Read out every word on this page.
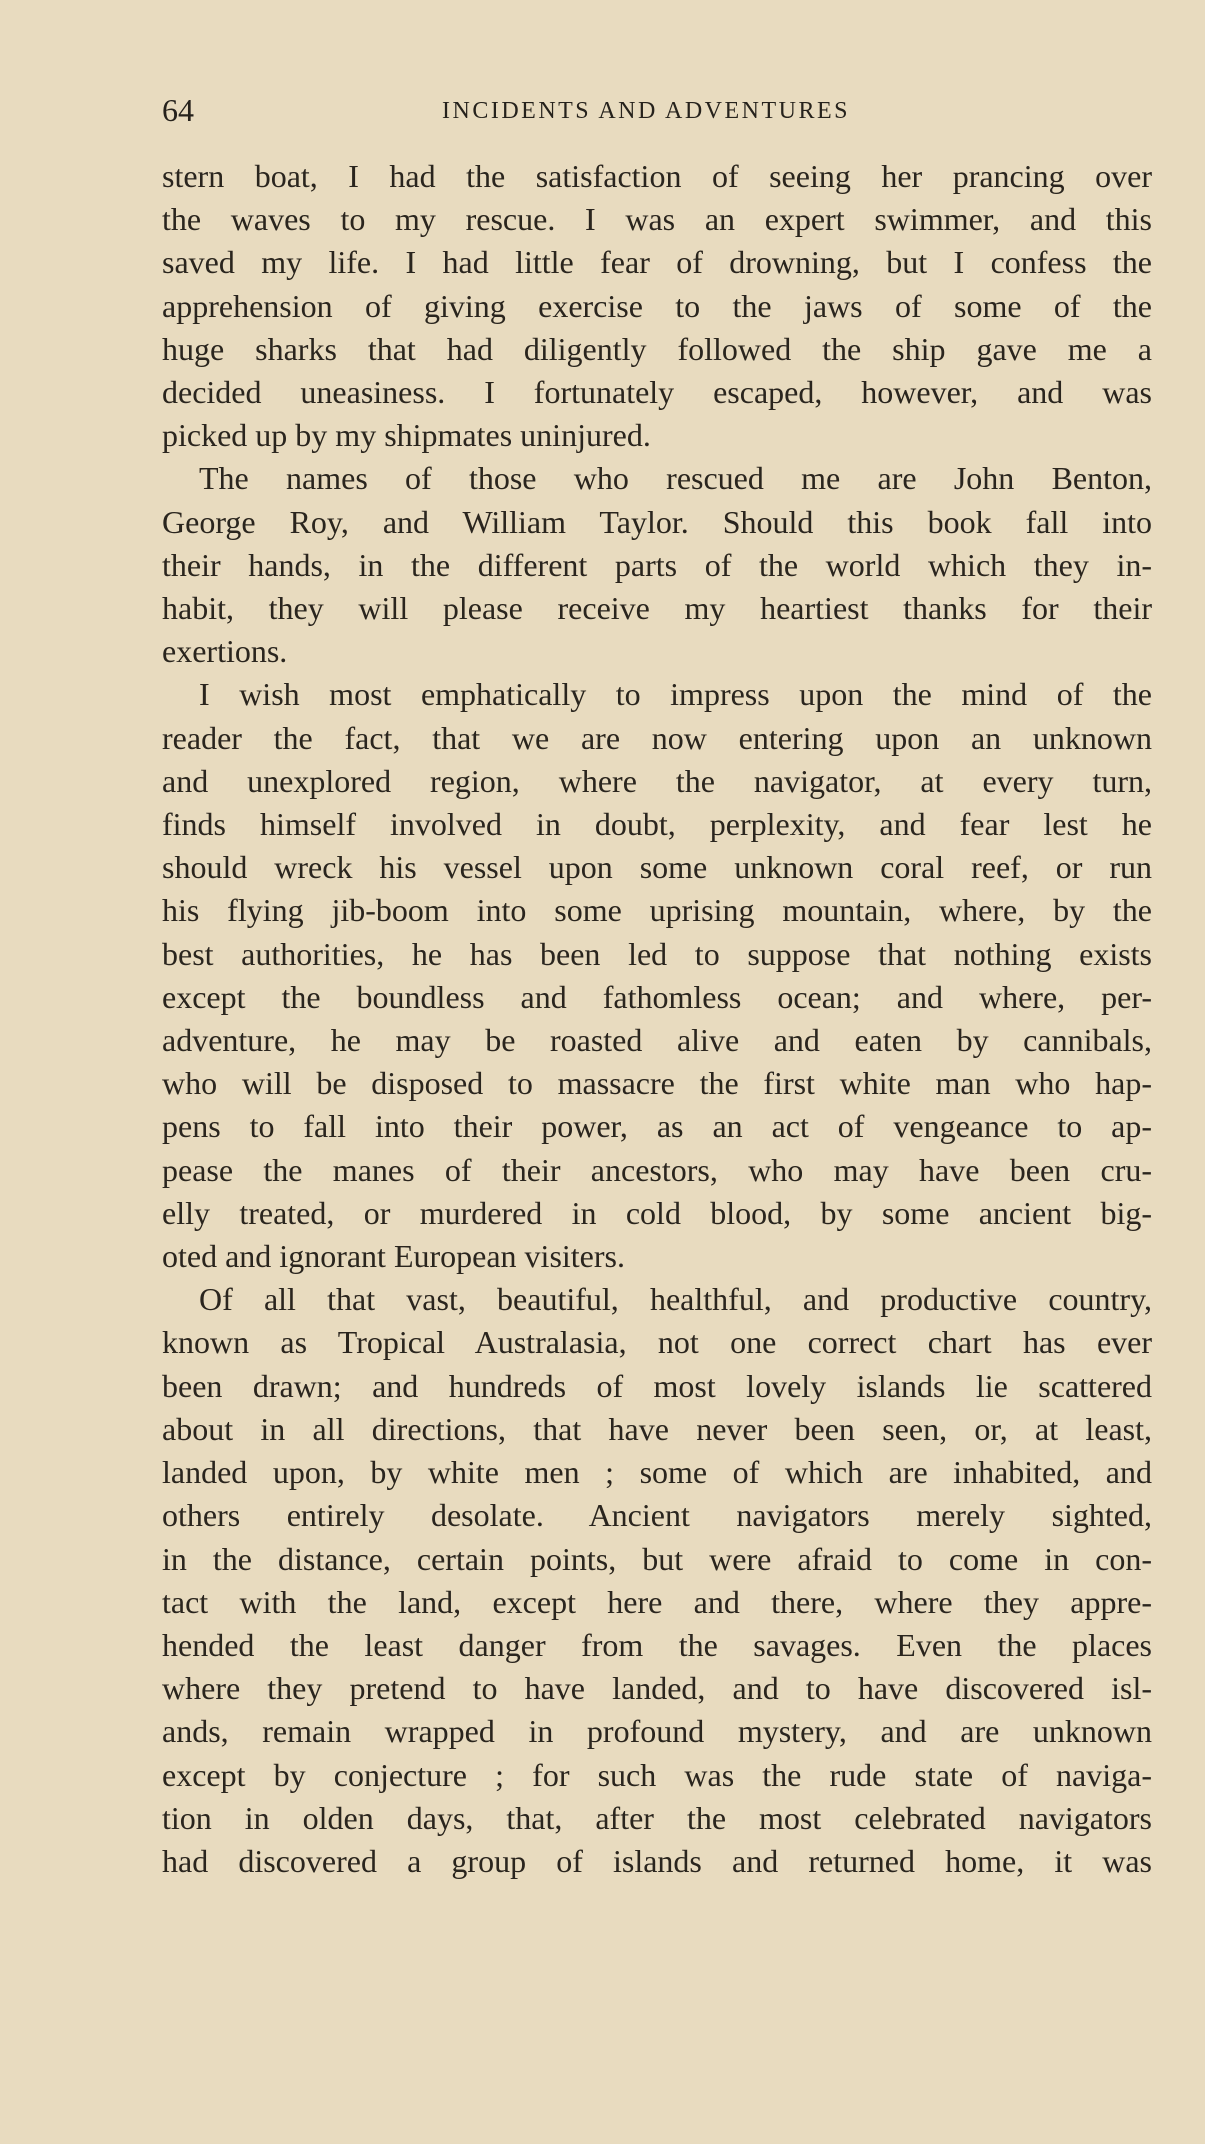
64	INCIDENTS AND ADVENTURES
stern boat, I had the satisfaction of seeing her prancing over
the waves to my rescue. I was an expert swimmer, and this
saved my life. I had little fear of drowning, but I confess the
apprehension of giving exercise to the jaws of some of the
huge sharks that had diligently followed the ship gave me a
decided uneasiness. I fortunately escaped, however, and was
picked up by my shipmates uninjured.
The names of those who rescued me are John Benton,
George Roy, and William Taylor. Should this book fall into
their hands, in the different parts of the world which they in-
habit, they will please receive my heartiest thanks for their
exertions.
I wish most emphatically to impress upon the mind of the
reader the fact, that we are now entering upon an unknown
and unexplored region, where the navigator, at every turn,
finds himself involved in doubt, perplexity, and fear lest he
should wreck his vessel upon some unknown coral reef, or run
his flying jib-boom into some uprising mountain, where, by the
best authorities, he has been led to suppose that nothing exists
except the boundless and fathomless ocean; and where, per-
adventure, he may be roasted alive and eaten by cannibals,
who will be disposed to massacre the first white man who hap-
pens to fall into their power, as an act of vengeance to ap-
pease the manes of their ancestors, who may have been cru-
elly treated, or murdered in cold blood, by some ancient big-
oted and ignorant European visiters.
Of all that vast, beautiful, healthful, and productive country,
known as Tropical Australasia, not one correct chart has ever
been drawn; and hundreds of most lovely islands lie scattered
about in all directions, that have never been seen, or, at least,
landed upon, by white men ; some of which are inhabited, and
others entirely desolate. Ancient navigators merely sighted,
in the distance, certain points, but were afraid to come in con-
tact with the land, except here and there, where they appre-
hended the least danger from the savages. Even the places
where they pretend to have landed, and to have discovered isl-
ands, remain wrapped in profound mystery, and are unknown
except by conjecture ; for such was the rude state of naviga-
tion in olden days, that, after the most celebrated navigators
had discovered a group of islands and returned home, it was
